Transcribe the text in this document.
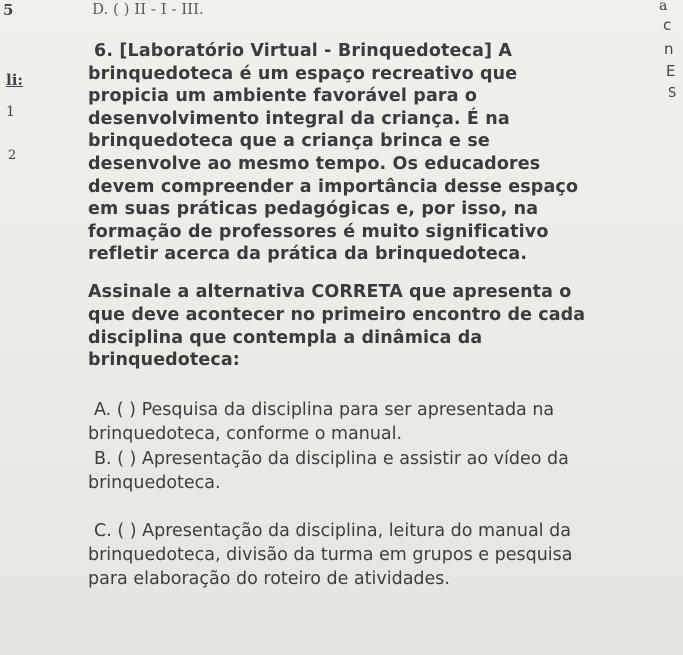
5	D. ( ) II - I - III.	a
c
n
E
S
li:
1
2
6. [Laboratório Virtual - Brinquedoteca] A
brinquedoteca é um espaço recreativo que
propicia um ambiente favorável para o
desenvolvimento integral da criança. É na
brinquedoteca que a criança brinca e se
desenvolve ao mesmo tempo. Os educadores
devem compreender a importância desse espaço
em suas práticas pedagógicas e, por isso, na
formação de professores é muito significativo
refletir acerca da prática da brinquedoteca.
Assinale a alternativa CORRETA que apresenta o
que deve acontecer no primeiro encontro de cada
disciplina que contempla a dinâmica da
brinquedoteca:
A. ( ) Pesquisa da disciplina para ser apresentada na
brinquedoteca, conforme o manual.
B. ( ) Apresentação da disciplina e assistir ao vídeo da
brinquedoteca.
C. ( ) Apresentação da disciplina, leitura do manual da
brinquedoteca, divisão da turma em grupos e pesquisa
para elaboração do roteiro de atividades.
